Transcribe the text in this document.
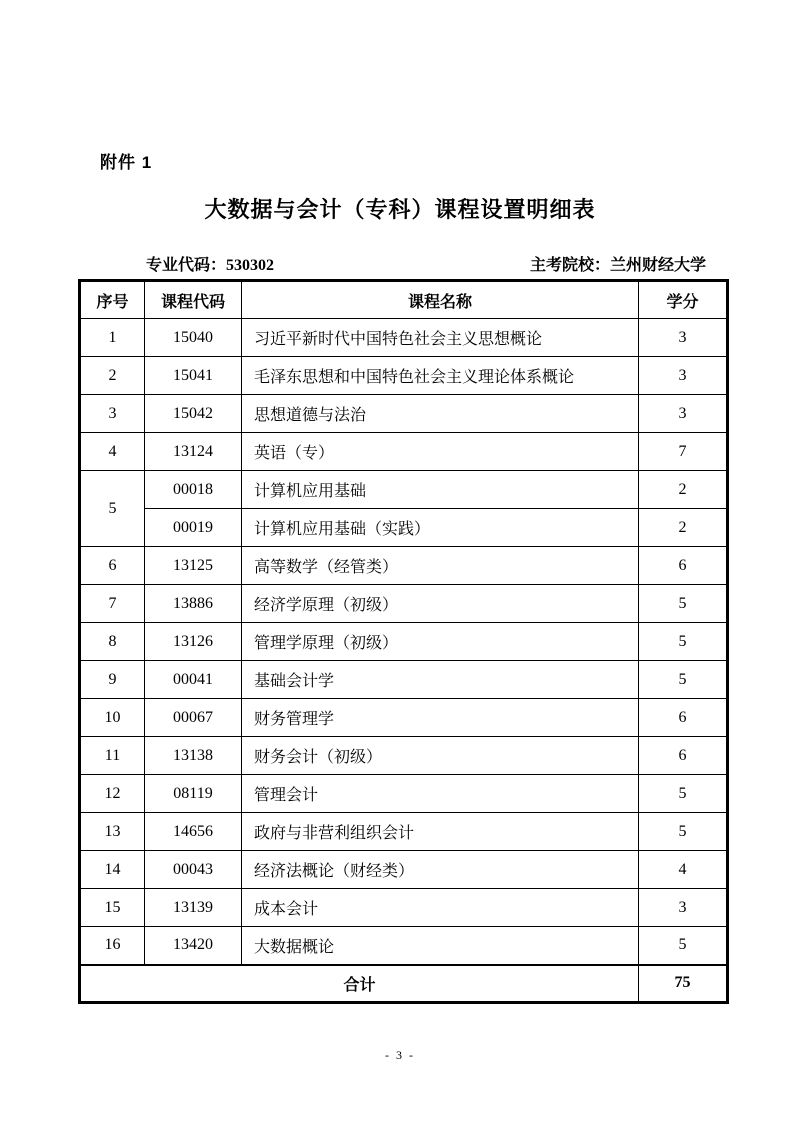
附件 1
大数据与会计（专科）课程设置明细表
专业代码：530302	主考院校：兰州财经大学
序号	课程代码	课程名称	学分
1	15040	习近平新时代中国特色社会主义思想概论	3
2	15041	毛泽东思想和中国特色社会主义理论体系概论	3
3	15042	思想道德与法治	3
4	13124	英语（专）	7
5	00018	计算机应用基础	2
	00019	计算机应用基础（实践）	2
6	13125	高等数学（经管类）	6
7	13886	经济学原理（初级）	5
8	13126	管理学原理（初级）	5
9	00041	基础会计学	5
10	00067	财务管理学	6
11	13138	财务会计（初级）	6
12	08119	管理会计	5
13	14656	政府与非营利组织会计	5
14	00043	经济法概论（财经类）	4
15	13139	成本会计	3
16	13420	大数据概论	5
合计			75
- 3 -
